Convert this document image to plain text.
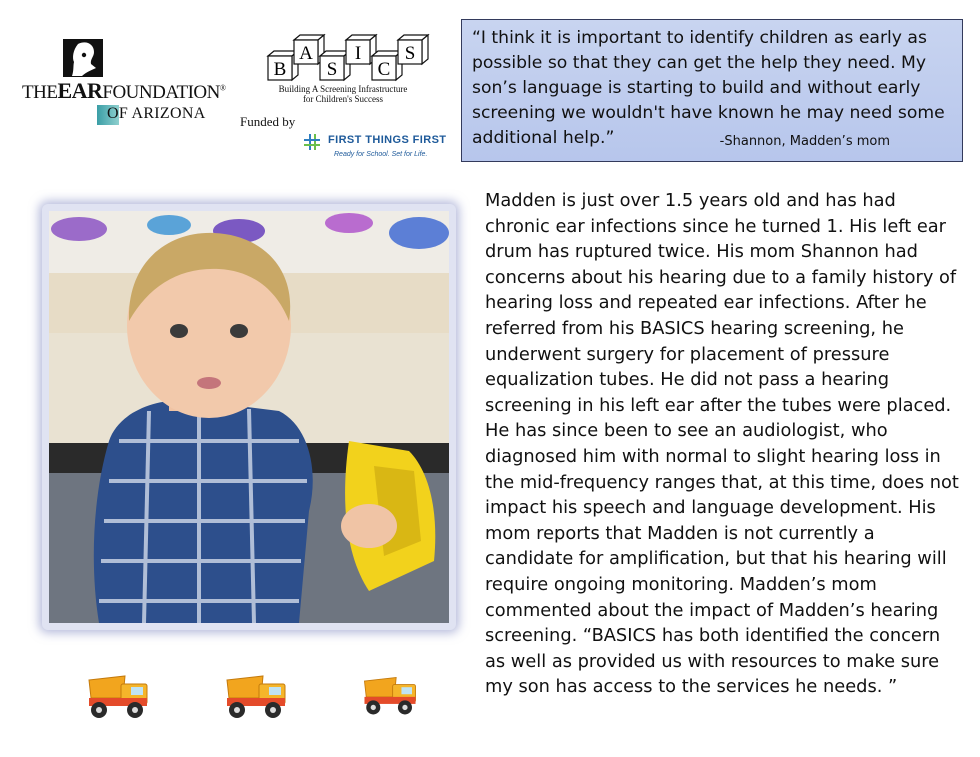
THEEARFOUNDATION®
OF ARIZONA
B
A
S
I
C
S
Building A Screening Infrastructure
for Children's Success
Funded by
FIRST THINGS FIRST
Ready for School. Set for Life.
“I think it is important to identify children as early as possible so that they can get the help they need. My son’s language is starting to build and without early screening we wouldn't have known he may need some additional help.”	-Shannon, Madden’s mom
Madden is just over 1.5 years old and has had chronic ear infections since he turned 1. His left ear drum has ruptured twice. His mom Shannon had concerns about his hearing due to a family history of hearing loss and repeated ear infections. After he referred from his BASICS hearing screening, he underwent surgery for placement of pressure equalization tubes. He did not pass a hearing screening in his left ear after the tubes were placed. He has since been to see an audiologist, who diagnosed him with normal to slight hearing loss in the mid-frequency ranges that, at this time, does not impact his speech and language development. His mom reports that Madden is not currently a candidate for amplification, but that his hearing will require ongoing monitoring. Madden’s mom commented about the impact of Madden’s hearing screening. “BASICS has both identified the concern as well as provided us with resources to make sure my son has access to the services he needs. ”
